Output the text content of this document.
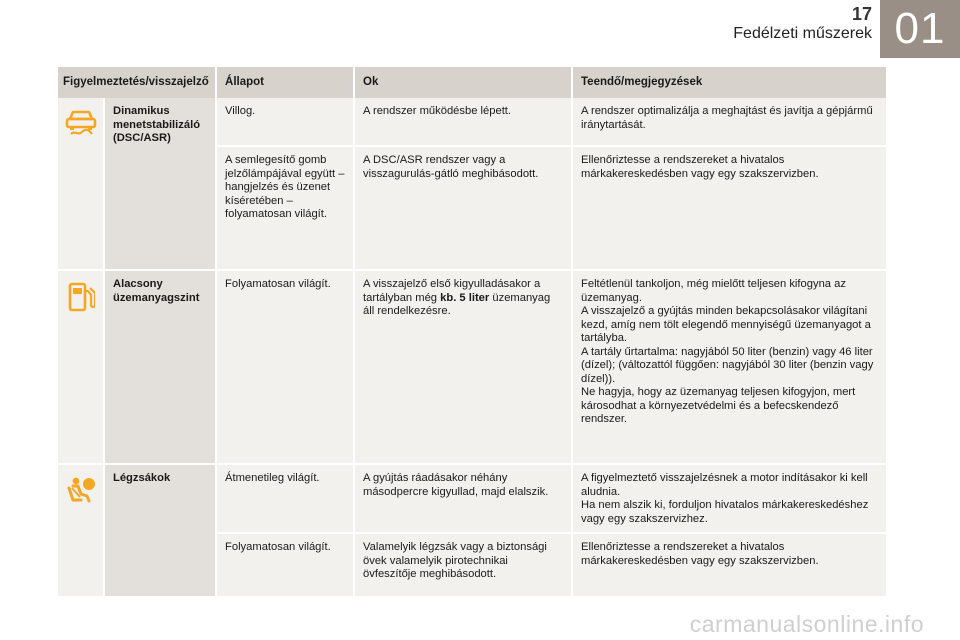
17
Fedélzeti műszerek 01
Figyelmeztetés/visszajelző		Állapot	Ok	Teendő/megjegyzések

	Dinamikus menetstabilizáló (DSC/ASR)	Villog.	A rendszer működésbe lépett.	A rendszer optimalizálja a meghajtást és javítja a gépjármű iránytartását.
		A semlegesítő gomb jelzőlámpájával együtt – hangjelzés és üzenet kíséretében – folyamatosan világít.	A DSC/ASR rendszer vagy a visszagurulás-gátló meghibásodott.	Ellenőriztesse a rendszereket a hivatalos márkakereskedésben vagy egy szakszervizben.

	Alacsony üzemanyagszint	Folyamatosan világít.	A visszajelző első kigyulladásakor a tartályban még kb. 5 liter üzemanyag áll rendelkezésre.	Feltétlenül tankoljon, még mielőtt teljesen kifogyna az üzemanyag.
A visszajelző a gyújtás minden bekapcsolásakor világítani kezd, amíg nem tölt elegendő mennyiségű üzemanyagot a tartályba.
A tartály űrtartalma: nagyjából 50 liter (benzin) vagy 46 liter (dízel); (változattól függően: nagyjából 30 liter (benzin vagy dízel)).
Ne hagyja, hogy az üzemanyag teljesen kifogyjon, mert károsodhat a környezetvédelmi és a befecskendező rendszer.

	Légzsákok	Átmenetileg világít.	A gyújtás ráadásakor néhány másodpercre kigyullad, majd elalszik.	A figyelmeztető visszajelzésnek a motor indításakor ki kell aludnia.
Ha nem alszik ki, forduljon hivatalos márkakereskedéshez vagy egy szakszervizhez.

		Folyamatosan világít.	Valamelyik légzsák vagy a biztonsági övek valamelyik pirotechnikai övfeszítője meghibásodott.	Ellenőriztesse a rendszereket a hivatalos márkakereskedésben vagy egy szakszervizben.
carmanualsonline.info
